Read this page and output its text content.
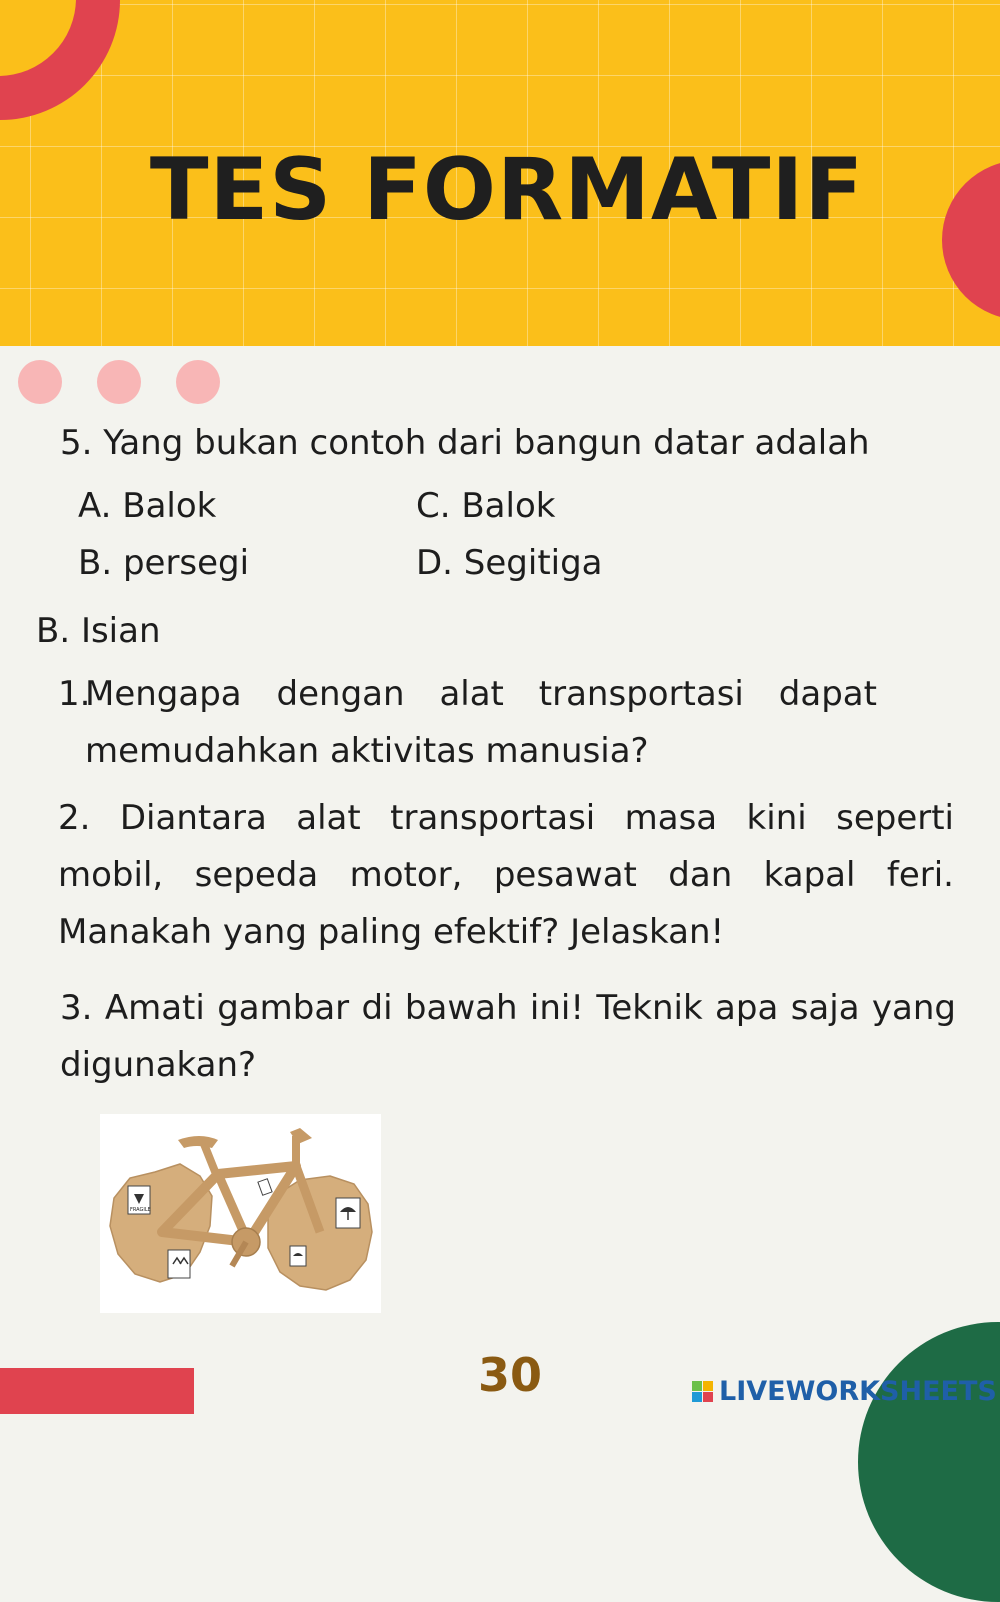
TES FORMATIF
5. Yang bukan contoh dari bangun datar adalah
A. Balok	C. Balok
B. persegi	D. Segitiga
B. Isian
1.
Mengapa dengan alat transportasi dapat
memudahkan aktivitas manusia?
2. Diantara alat transportasi masa kini seperti mobil, sepeda motor, pesawat dan kapal feri. Manakah yang paling efektif? Jelaskan!
3. Amati gambar di bawah ini! Teknik apa saja yang digunakan?
FRAGILE
30	LIVEWORKSHEETS
